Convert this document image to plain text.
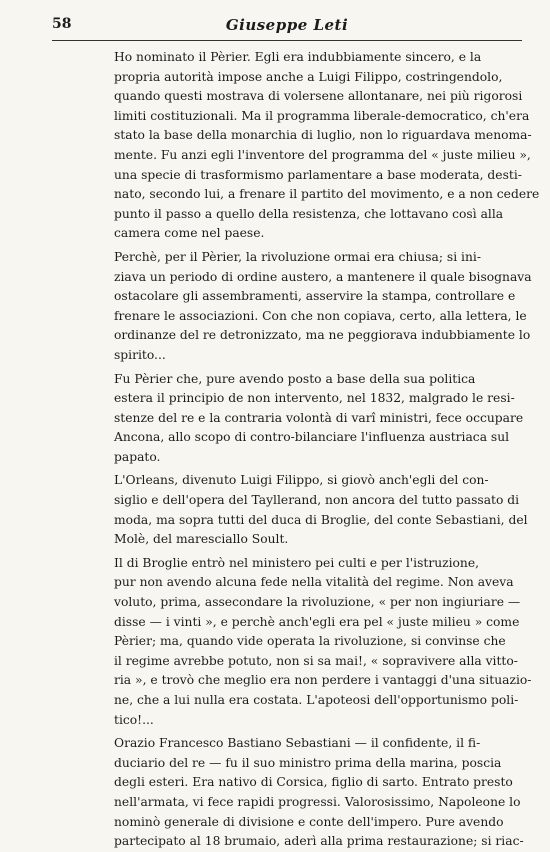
58	Giuseppe Leti

Ho nominato il Pèrier. Egli era indubbiamente sincero, e la
propria autorità impose anche a Luigi Filippo, costringendolo,
quando questi mostrava di volersene allontanare, nei più rigorosi
limiti costituzionali. Ma il programma liberale-democratico, ch'era
stato la base della monarchia di luglio, non lo riguardava menoma-
mente. Fu anzi egli l'inventore del programma del « juste milieu »,
una specie di trasformismo parlamentare a base moderata, desti-
nato, secondo lui, a frenare il partito del movimento, e a non cedere
punto il passo a quello della resistenza, che lottavano così alla
camera come nel paese.

Perchè, per il Pèrier, la rivoluzione ormai era chiusa; si ini-
ziava un periodo di ordine austero, a mantenere il quale bisognava
ostacolare gli assembramenti, asservire la stampa, controllare e
frenare le associazioni. Con che non copiava, certo, alla lettera, le
ordinanze del re detronizzato, ma ne peggiorava indubbiamente lo
spirito...

Fu Pèrier che, pure avendo posto a base della sua politica
estera il principio de non intervento, nel 1832, malgrado le resi-
stenze del re e la contraria volontà di varî ministri, fece occupare
Ancona, allo scopo di contro-bilanciare l'influenza austriaca sul
papato.

L'Orleans, divenuto Luigi Filippo, si giovò anch'egli del con-
siglio e dell'opera del Tayllerand, non ancora del tutto passato di
moda, ma sopra tutti del duca di Broglie, del conte Sebastiani, del
Molè, del maresciallo Soult.

Il di Broglie entrò nel ministero pei culti e per l'istruzione,
pur non avendo alcuna fede nella vitalità del regime. Non aveva
voluto, prima, assecondare la rivoluzione, « per non ingiuriare —
disse — i vinti », e perchè anch'egli era pel « juste milieu » come
Pèrier; ma, quando vide operata la rivoluzione, si convinse che
il regime avrebbe potuto, non si sa mai!, « sopravivere alla vitto-
ria », e trovò che meglio era non perdere i vantaggi d'una situazio-
ne, che a lui nulla era costata. L'apoteosi dell'opportunismo poli-
tico!...

Orazio Francesco Bastiano Sebastiani — il confidente, il fi-
duciario del re — fu il suo ministro prima della marina, poscia
degli esteri. Era nativo di Corsica, figlio di sarto. Entrato presto
nell'armata, vi fece rapidi progressi. Valorosissimo, Napoleone lo
nominò generale di divisione e conte dell'impero. Pure avendo
partecipato al 18 brumaio, aderì alla prima restaurazione; si riac-
